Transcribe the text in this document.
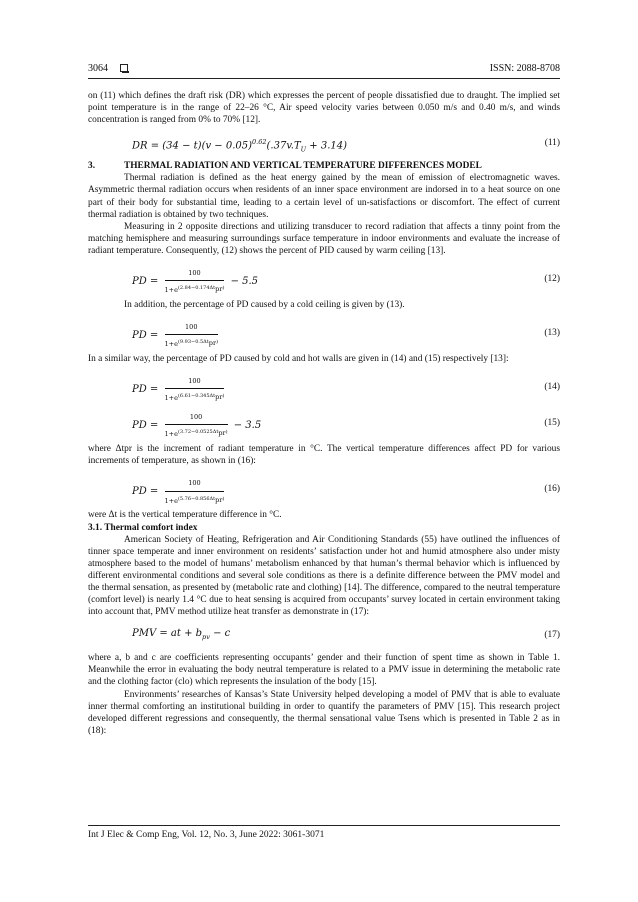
3064	ISSN: 2088-8708

on (11) which defines the draft risk (DR) which expresses the percent of people dissatisfied due to draught. The implied set point temperature is in the range of 22–26 °C, Air speed velocity varies between 0.050 m/s and 0.40 m/s, and winds concentration is ranged from 0% to 70% [12].

DR = $(34 - t)(v - 0.05)^{0.62}(.37v.T_U + 3.14)$	(11)

3.	THERMAL RADIATION AND VERTICAL TEMPERATURE DIFFERENCES MODEL

Thermal radiation is defined as the heat energy gained by the mean of emission of electromagnetic waves. Asymmetric thermal radiation occurs when residents of an inner space environment are indorsed in to a heat source on one part of their body for substantial time, leading to a certain level of un-satisfactions or discomfort. The effect of current thermal radiation is obtained by two techniques.

Measuring in 2 opposite directions and utilizing transducer to record radiation that affects a tinny point from the matching hemisphere and measuring surroundings surface temperature in indoor environments and evaluate the increase of radiant temperature. Consequently, (12) shows the percent of PID caused by warm ceiling [13].

PD = $\frac{100}{1+e^{(2.84-0.174\Delta t_{pr})}} - 5.5$	(12)

In addition, the percentage of PD caused by a cold ceiling is given by (13).

PD = $\frac{100}{1+e^{(9.93-0.5\Delta t_{pr})}}$	(13)

In a similar way, the percentage of PD caused by cold and hot walls are given in (14) and (15) respectively [13]:

PD = $\frac{100}{1+e^{(6.61-0.345\Delta t_{pr})}}$	(14)
PD = $\frac{100}{1+e^{(3.72-0.0525\Delta t_{pr})}} - 3.5$	(15)

where Δtpr is the increment of radiant temperature in °C. The vertical temperature differences affect PD for various increments of temperature, as shown in (16):

PD = $\frac{100}{1+e^{(5.76-0.856\Delta t_{pr})}}$	(16)

were Δt is the vertical temperature difference in °C.

3.1. Thermal comfort index

American Society of Heating, Refrigeration and Air Conditioning Standards (55) have outlined the influences of tinner space temperate and inner environment on residents’ satisfaction under hot and humid atmosphere also under misty atmosphere based to the model of humans’ metabolism enhanced by that human’s thermal behavior which is influenced by different environmental conditions and several sole conditions as there is a definite difference between the PMV model and the thermal sensation, as presented by (metabolic rate and clothing) [14]. The difference, compared to the neutral temperature (comfort level) is nearly 1.4 °C due to heat sensing is acquired from occupants’ survey located in certain environment taking into account that, PMV method utilize heat transfer as demonstrate in (17):

PMV = at + $b_{pv} - c$	(17)

where a, b and c are coefficients representing occupants’ gender and their function of spent time as shown in Table 1. Meanwhile the error in evaluating the body neutral temperature is related to a PMV issue in determining the metabolic rate and the clothing factor (clo) which represents the insulation of the body [15].

Environments’ researches of Kansas’s State University helped developing a model of PMV that is able to evaluate inner thermal comforting an institutional building in order to quantify the parameters of PMV [15]. This research project developed different regressions and consequently, the thermal sensational value Tsens which is presented in Table 2 as in (18):

Int J Elec & Comp Eng, Vol. 12, No. 3, June 2022: 3061-3071
